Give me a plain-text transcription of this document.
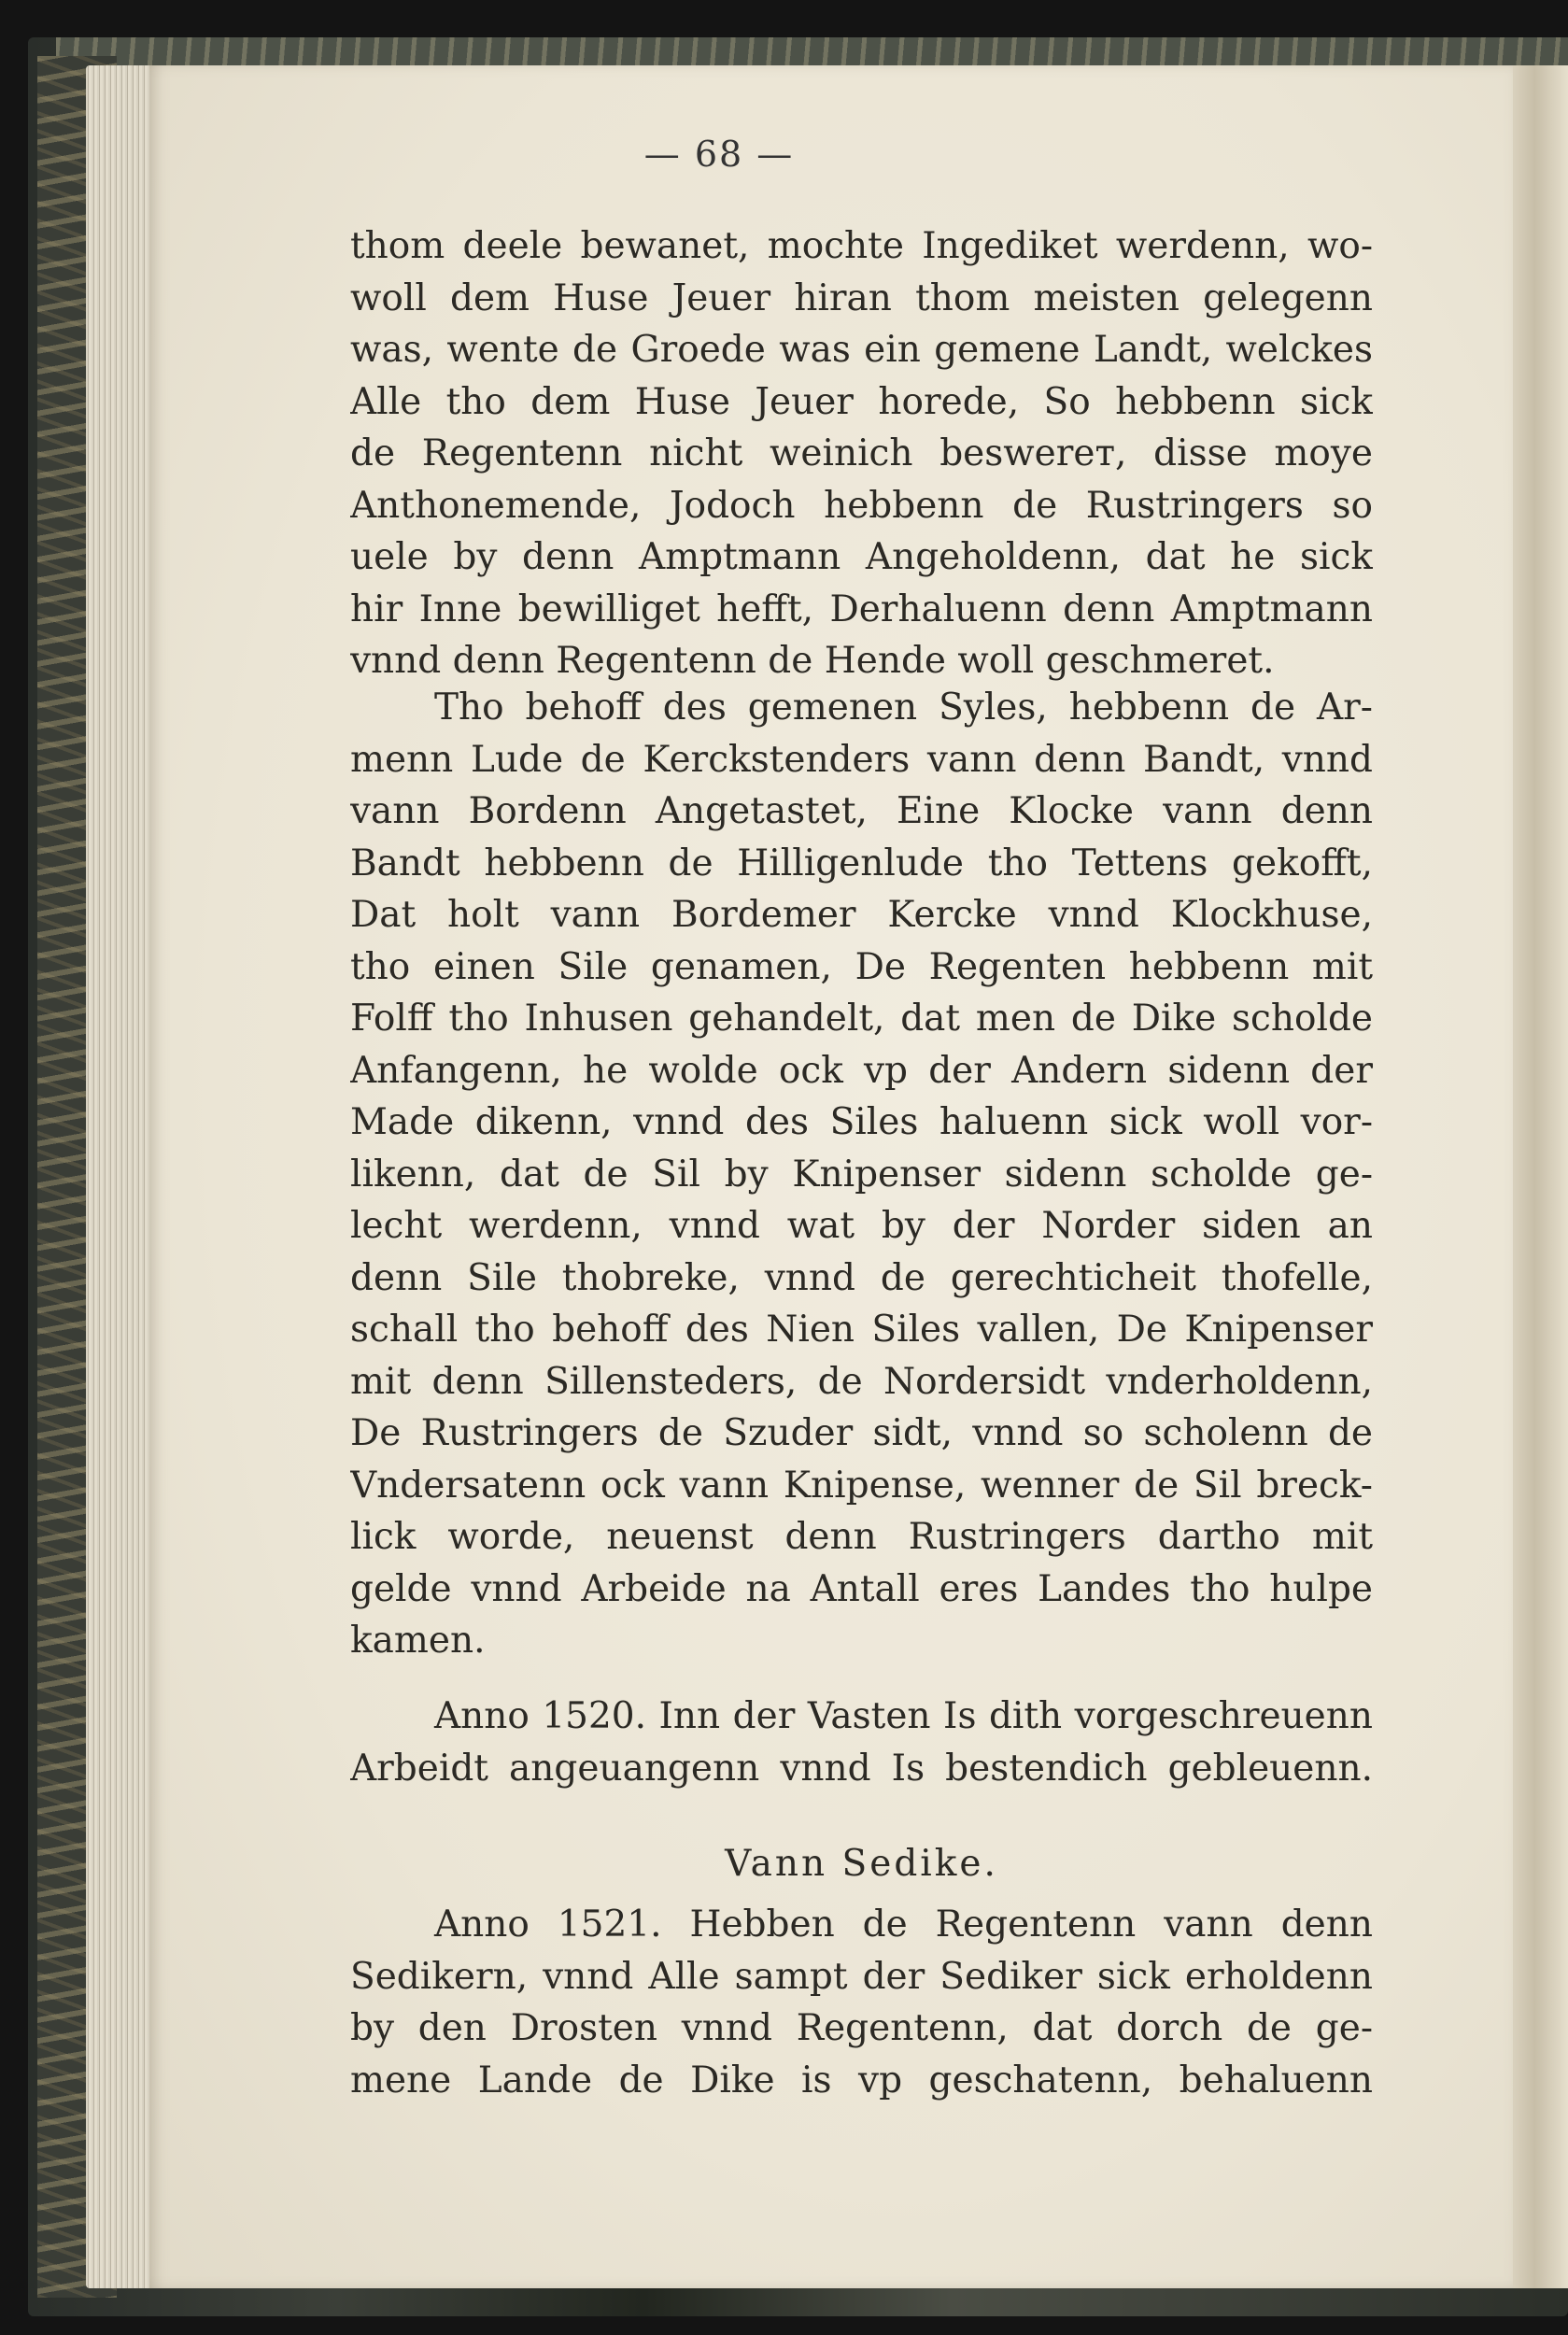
— 68 —
thom deele bewanet, mochte Ingediket werdenn, wo-
woll dem Huse Jeuer hiran thom meisten gelegenn
was, wente de Groede was ein gemene Landt, welckes
Alle tho dem Huse Jeuer horede, So hebbenn sick
de Regentenn nicht weinich beswerет, disse moye
Anthonemende, Jodoch hebbenn de Rustringers so
uele by denn Amptmann Angeholdenn, dat he sick
hir Inne bewilliget hefft, Derhaluenn denn Amptmann
vnnd denn Regentenn de Hende woll geschmeret.
Tho behoff des gemenen Syles, hebbenn de Ar-
menn Lude de Kerckstenders vann denn Bandt, vnnd
vann Bordenn Angetastet, Eine Klocke vann denn
Bandt hebbenn de Hilligenlude tho Tettens gekofft,
Dat holt vann Bordemer Kercke vnnd Klockhuse,
tho einen Sile genamen, De Regenten hebbenn mit
Folff tho Inhusen gehandelt, dat men de Dike scholde
Anfangenn, he wolde ock vp der Andern sidenn der
Made dikenn, vnnd des Siles haluenn sick woll vor-
likenn, dat de Sil by Knipenser sidenn scholde ge-
lecht werdenn, vnnd wat by der Norder siden an
denn Sile thobreke, vnnd de gerechticheit thofelle,
schall tho behoff des Nien Siles vallen, De Knipenser
mit denn Sillensteders, de Nordersidt vnderholdenn,
De Rustringers de Szuder sidt, vnnd so scholenn de
Vndersatenn ock vann Knipense, wenner de Sil breck-
lick worde, neuenst denn Rustringers dartho mit
gelde vnnd Arbeide na Antall eres Landes tho hulpe
kamen.
Anno 1520. Inn der Vasten Is dith vorgeschreuenn
Arbeidt angeuangenn vnnd Is bestendich gebleuenn.
Vann Sedike.
Anno 1521. Hebben de Regentenn vann denn
Sedikern, vnnd Alle sampt der Sediker sick erholdenn
by den Drosten vnnd Regentenn, dat dorch de ge-
mene Lande de Dike is vp geschatenn, behaluenn
